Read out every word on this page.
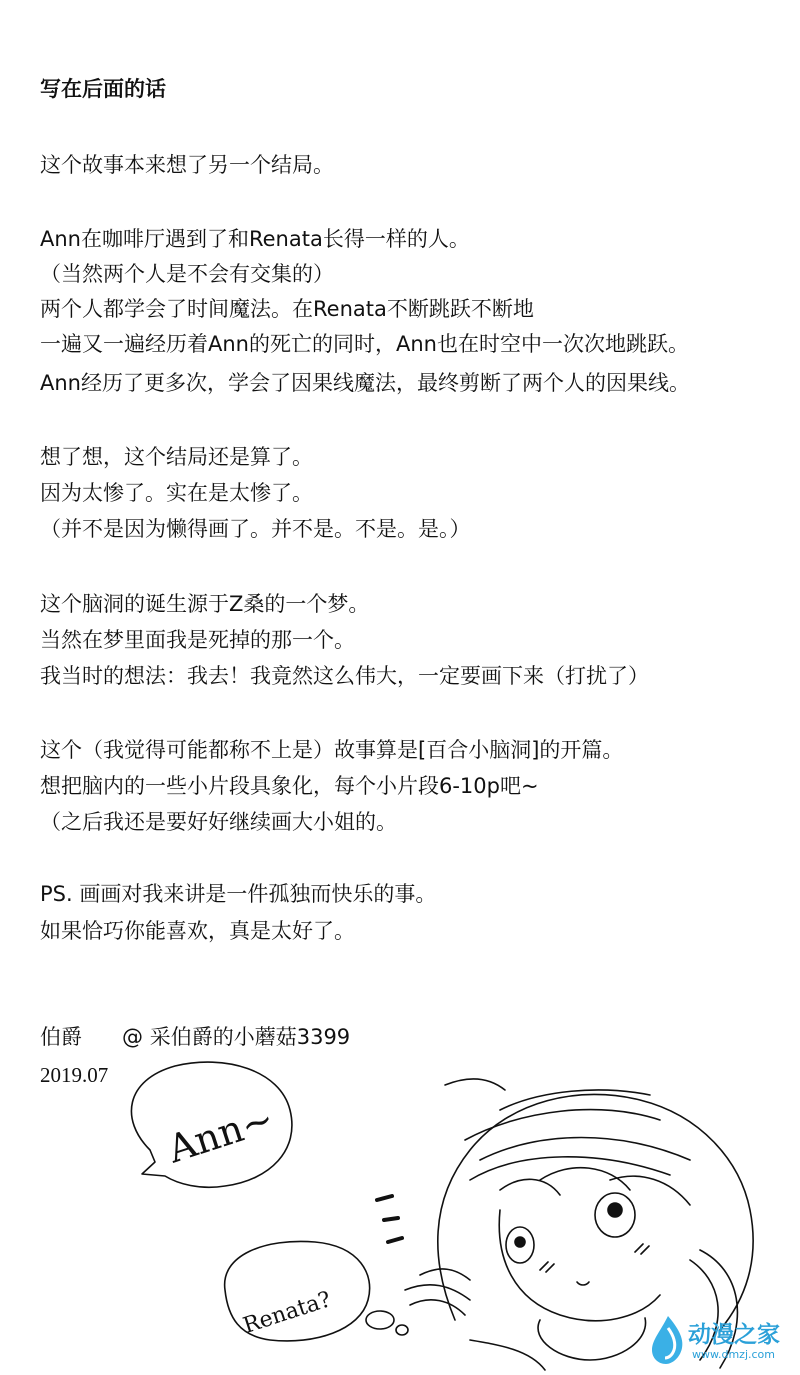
写在后面的话

这个故事本来想了另一个结局。

Ann在咖啡厅遇到了和Renata长得一样的人。

（当然两个人是不会有交集的）

两个人都学会了时间魔法。在Renata不断跳跃不断地

一遍又一遍经历着Ann的死亡的同时，Ann也在时空中一次次地跳跃。

Ann经历了更多次，学会了因果线魔法，最终剪断了两个人的因果线。

想了想，这个结局还是算了。

因为太惨了。实在是太惨了。

（并不是因为懒得画了。并不是。不是。是。）

这个脑洞的诞生源于Z桑的一个梦。

当然在梦里面我是死掉的那一个。

我当时的想法：我去！我竟然这么伟大，一定要画下来（打扰了）

这个（我觉得可能都称不上是）故事算是[百合小脑洞]的开篇。

想把脑内的一些小片段具象化，每个小片段6-10p吧~

（之后我还是要好好继续画大小姐的。

PS. 画画对我来讲是一件孤独而快乐的事。

如果恰巧你能喜欢，真是太好了。

伯爵      @ 采伯爵的小蘑菇3399

2019.07

Ann~
Renata?	动漫之家
www.dmzj.com
